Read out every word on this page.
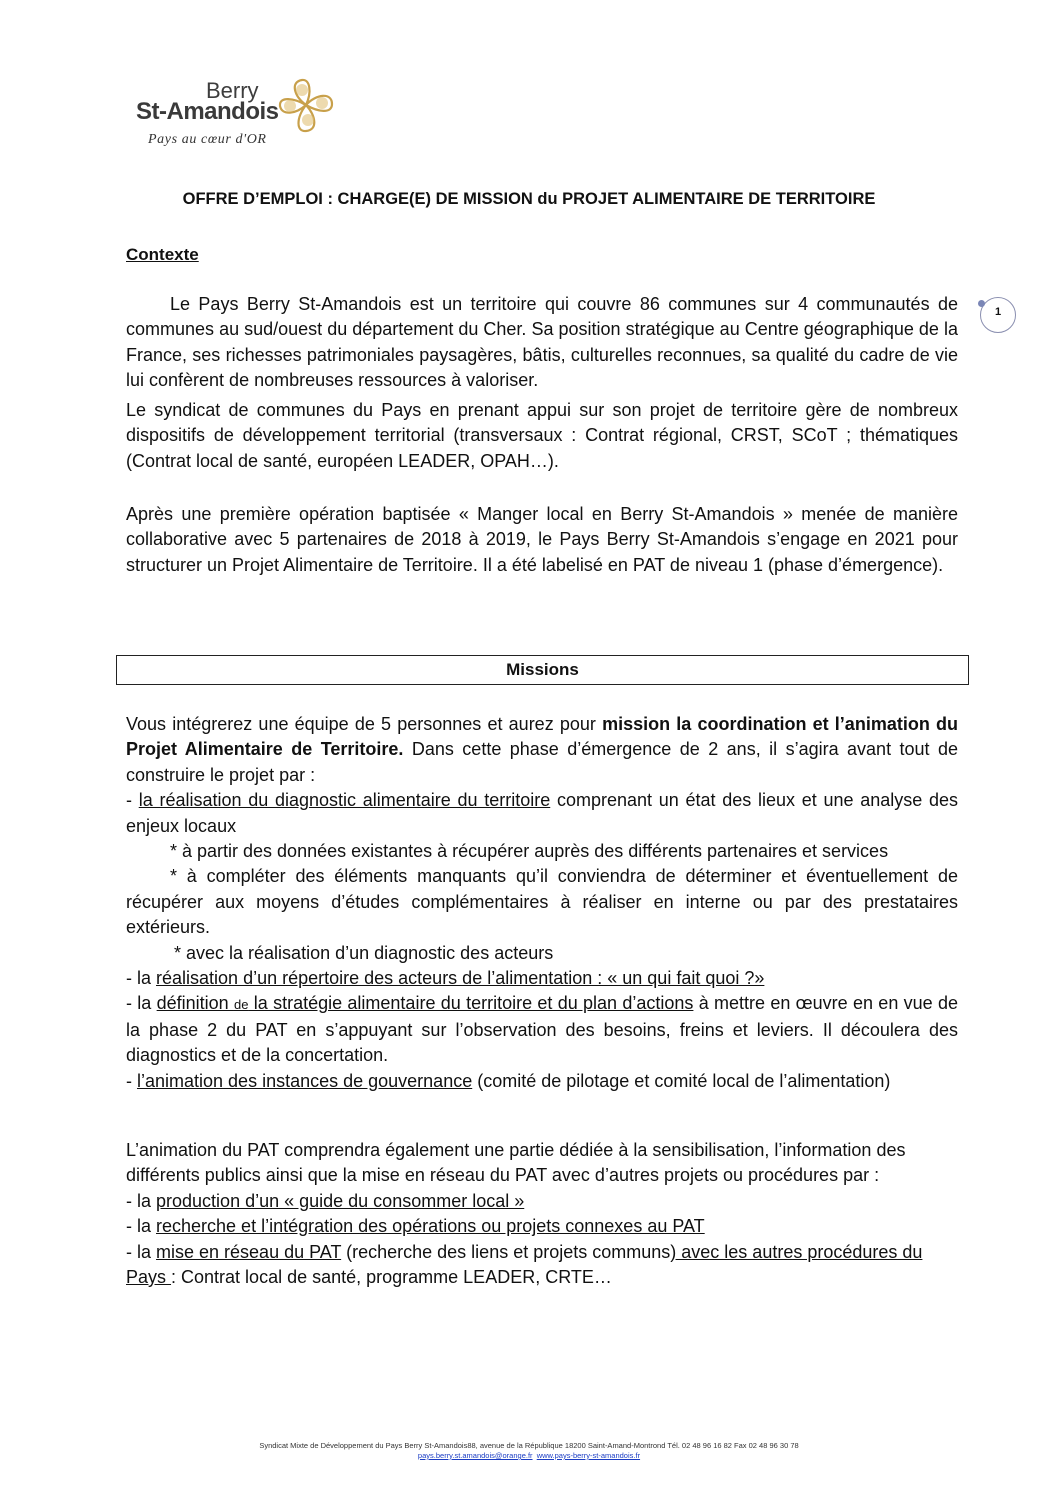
Berry
St-Amandois
Pays au cœur d'OR
OFFRE D’EMPLOI : CHARGE(E) DE MISSION du PROJET ALIMENTAIRE DE TERRITOIRE
Contexte
1

Le Pays Berry St-Amandois est un territoire qui couvre 86 communes sur 4 communautés de communes au sud/ouest du département du Cher. Sa position stratégique au Centre géographique de la France, ses richesses patrimoniales paysagères, bâtis, culturelles reconnues, sa qualité du cadre de vie lui confèrent de nombreuses ressources à valoriser.

Le syndicat de communes du Pays en prenant appui sur son projet de territoire gère de nombreux dispositifs de développement territorial (transversaux : Contrat régional, CRST, SCoT ; thématiques (Contrat local de santé, européen LEADER, OPAH…).

Après une première opération baptisée « Manger local en Berry St-Amandois » menée de manière collaborative avec 5 partenaires de 2018 à 2019, le Pays Berry St-Amandois s’engage en 2021 pour structurer un Projet Alimentaire de Territoire. Il a été labelisé en PAT de niveau 1 (phase d’émergence).

Missions
Vous intégrerez une équipe de 5 personnes et aurez pour mission la coordination et l’animation du Projet Alimentaire de Territoire. Dans cette phase d’émergence de 2 ans, il s’agira avant tout de construire le projet par :
- la réalisation du diagnostic alimentaire du territoire comprenant un état des lieux et une analyse des enjeux locaux
* à partir des données existantes à récupérer auprès des différents partenaires et services
* à compléter des éléments manquants qu’il conviendra de déterminer et éventuellement de récupérer aux moyens d’études complémentaires à réaliser en interne ou par des prestataires extérieurs.
* avec la réalisation d’un diagnostic des acteurs
- la réalisation d’un répertoire des acteurs de l’alimentation : « un qui fait quoi ?»
- la définition de la stratégie alimentaire du territoire et du plan d’actions à mettre en œuvre en en vue de la phase 2 du PAT en s’appuyant sur l’observation des besoins, freins et leviers. Il découlera des diagnostics et de la concertation.
- l’animation des instances de gouvernance (comité de pilotage et comité local de l’alimentation)
L’animation du PAT comprendra également une partie dédiée à la sensibilisation, l’information des différents publics ainsi que la mise en réseau du PAT avec d’autres projets ou procédures par :
- la production d’un « guide du consommer local »
- la recherche et l’intégration des opérations ou projets connexes au PAT
- la mise en réseau du PAT (recherche des liens et projets communs) avec les autres procédures du Pays : Contrat local de santé, programme LEADER, CRTE…
Syndicat Mixte de Développement du Pays Berry St-Amandois88, avenue de la République 18200 Saint-Amand-Montrond Tél. 02 48 96 16 82 Fax 02 48 96 30 78
pays.berry.st.amandois@orange.fr www.pays-berry-st-amandois.fr
